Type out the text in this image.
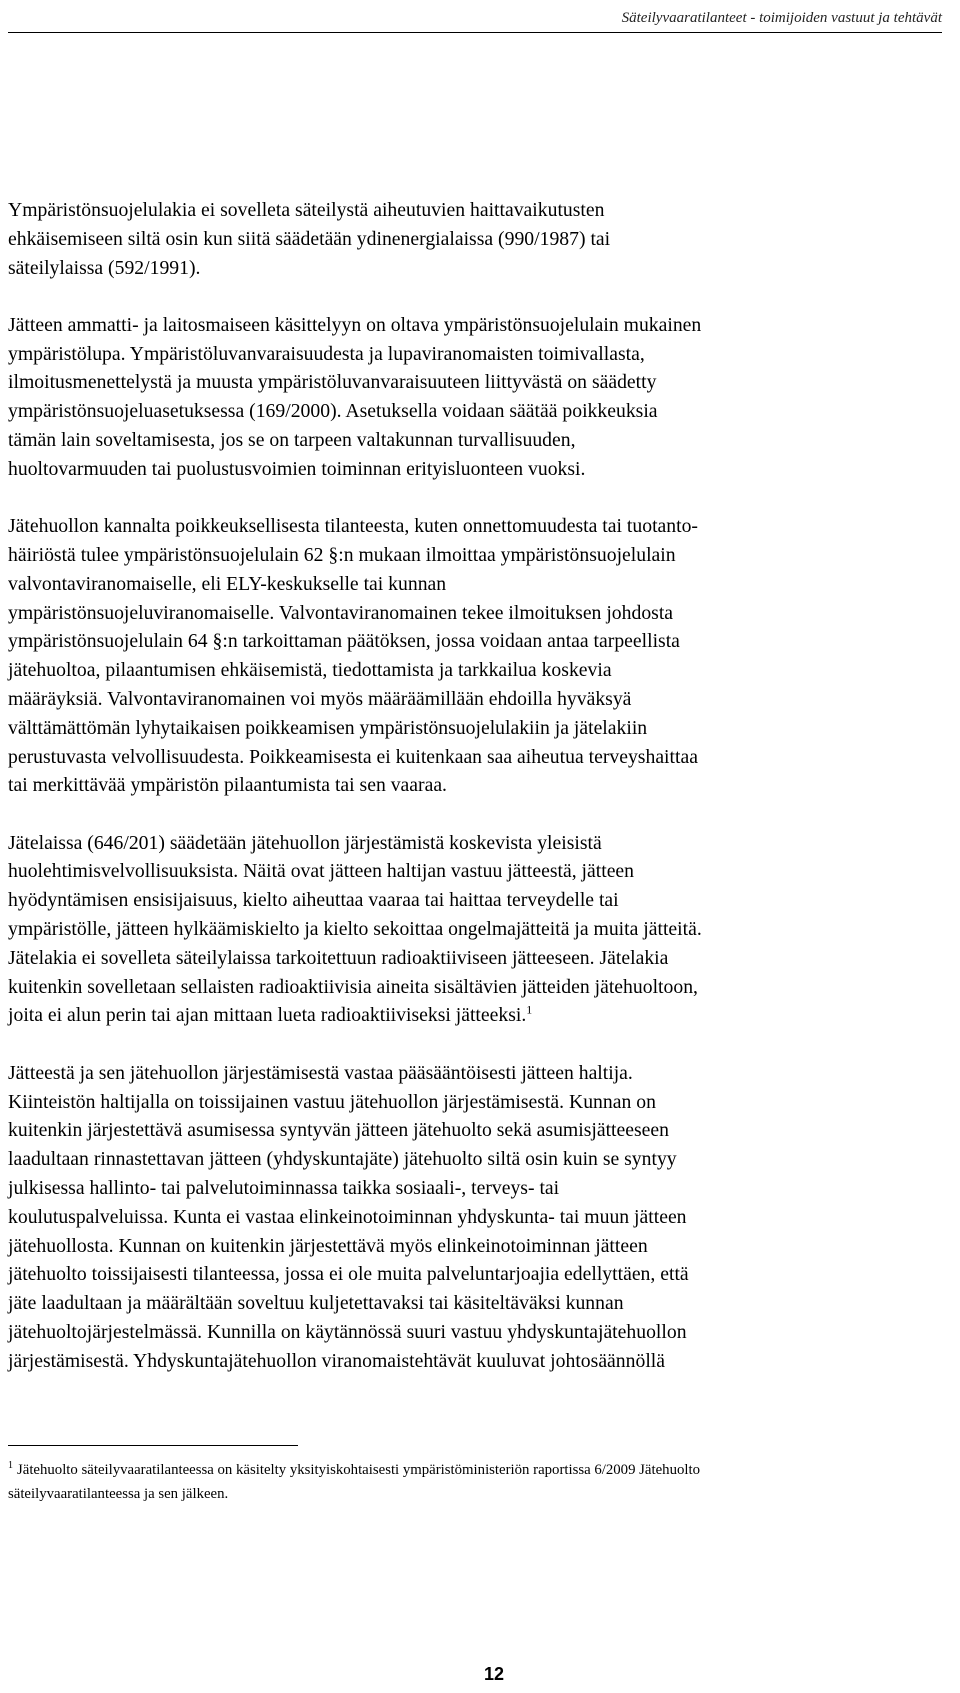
Säteilyvaaratilanteet - toimijoiden vastuut ja tehtävät

Ympäristönsuojelulakia ei sovelleta säteilystä aiheutuvien haittavaikutusten
ehkäisemiseen siltä osin kun siitä säädetään ydinenergialaissa (990/1987) tai
säteilylaissa (592/1991).

Jätteen ammatti- ja laitosmaiseen käsittelyyn on oltava ympäristönsuojelulain mukainen
ympäristölupa. Ympäristöluvanvaraisuudesta ja lupaviranomaisten toimivallasta,
ilmoitusmenettelystä ja muusta ympäristöluvanvaraisuuteen liittyvästä on säädetty
ympäristönsuojeluasetuksessa (169/2000). Asetuksella voidaan säätää poikkeuksia
tämän lain soveltamisesta, jos se on tarpeen valtakunnan turvallisuuden,
huoltovarmuuden tai puolustusvoimien toiminnan erityisluonteen vuoksi.

Jätehuollon kannalta poikkeuksellisesta tilanteesta, kuten onnettomuudesta tai tuotanto-
häiriöstä tulee ympäristönsuojelulain 62 §:n mukaan ilmoittaa ympäristönsuojelulain
valvontaviranomaiselle, eli ELY-keskukselle tai kunnan
ympäristönsuojeluviranomaiselle. Valvontaviranomainen tekee ilmoituksen johdosta
ympäristönsuojelulain 64 §:n tarkoittaman päätöksen, jossa voidaan antaa tarpeellista
jätehuoltoa, pilaantumisen ehkäisemistä, tiedottamista ja tarkkailua koskevia
määräyksiä. Valvontaviranomainen voi myös määräämillään ehdoilla hyväksyä
välttämättömän lyhytaikaisen poikkeamisen ympäristönsuojelulakiin ja jätelakiin
perustuvasta velvollisuudesta. Poikkeamisesta ei kuitenkaan saa aiheutua terveyshaittaa
tai merkittävää ympäristön pilaantumista tai sen vaaraa.

Jätelaissa (646/201) säädetään jätehuollon järjestämistä koskevista yleisistä
huolehtimisvelvollisuuksista. Näitä ovat jätteen haltijan vastuu jätteestä, jätteen
hyödyntämisen ensisijaisuus, kielto aiheuttaa vaaraa tai haittaa terveydelle tai
ympäristölle, jätteen hylkäämiskielto ja kielto sekoittaa ongelmajätteitä ja muita jätteitä.
Jätelakia ei sovelleta säteilylaissa tarkoitettuun radioaktiiviseen jätteeseen. Jätelakia
kuitenkin sovelletaan sellaisten radioaktiivisia aineita sisältävien jätteiden jätehuoltoon,
joita ei alun perin tai ajan mittaan lueta radioaktiiviseksi jätteeksi.$^1$

Jätteestä ja sen jätehuollon järjestämisestä vastaa pääsääntöisesti jätteen haltija.
Kiinteistön haltijalla on toissijainen vastuu jätehuollon järjestämisestä. Kunnan on
kuitenkin järjestettävä asumisessa syntyvän jätteen jätehuolto sekä asumisjätteeseen
laadultaan rinnastettavan jätteen (yhdyskuntajäte) jätehuolto siltä osin kuin se syntyy
julkisessa hallinto- tai palvelutoiminnassa taikka sosiaali-, terveys- tai
koulutuspalveluissa. Kunta ei vastaa elinkeinotoiminnan yhdyskunta- tai muun jätteen
jätehuollosta. Kunnan on kuitenkin järjestettävä myös elinkeinotoiminnan jätteen
jätehuolto toissijaisesti tilanteessa, jossa ei ole muita palveluntarjoajia edellyttäen, että
jäte laadultaan ja määrältään soveltuu kuljetettavaksi tai käsiteltäväksi kunnan
jätehuoltojärjestelmässä. Kunnilla on käytännössä suuri vastuu yhdyskuntajätehuollon
järjestämisestä. Yhdyskuntajätehuollon viranomaistehtävät kuuluvat johtosäännöllä

$^1$ Jätehuolto säteilyvaaratilanteessa on käsitelty yksityiskohtaisesti ympäristöministeriön raportissa 6/2009 Jätehuolto
säteilyvaaratilanteessa ja sen jälkeen.
12
